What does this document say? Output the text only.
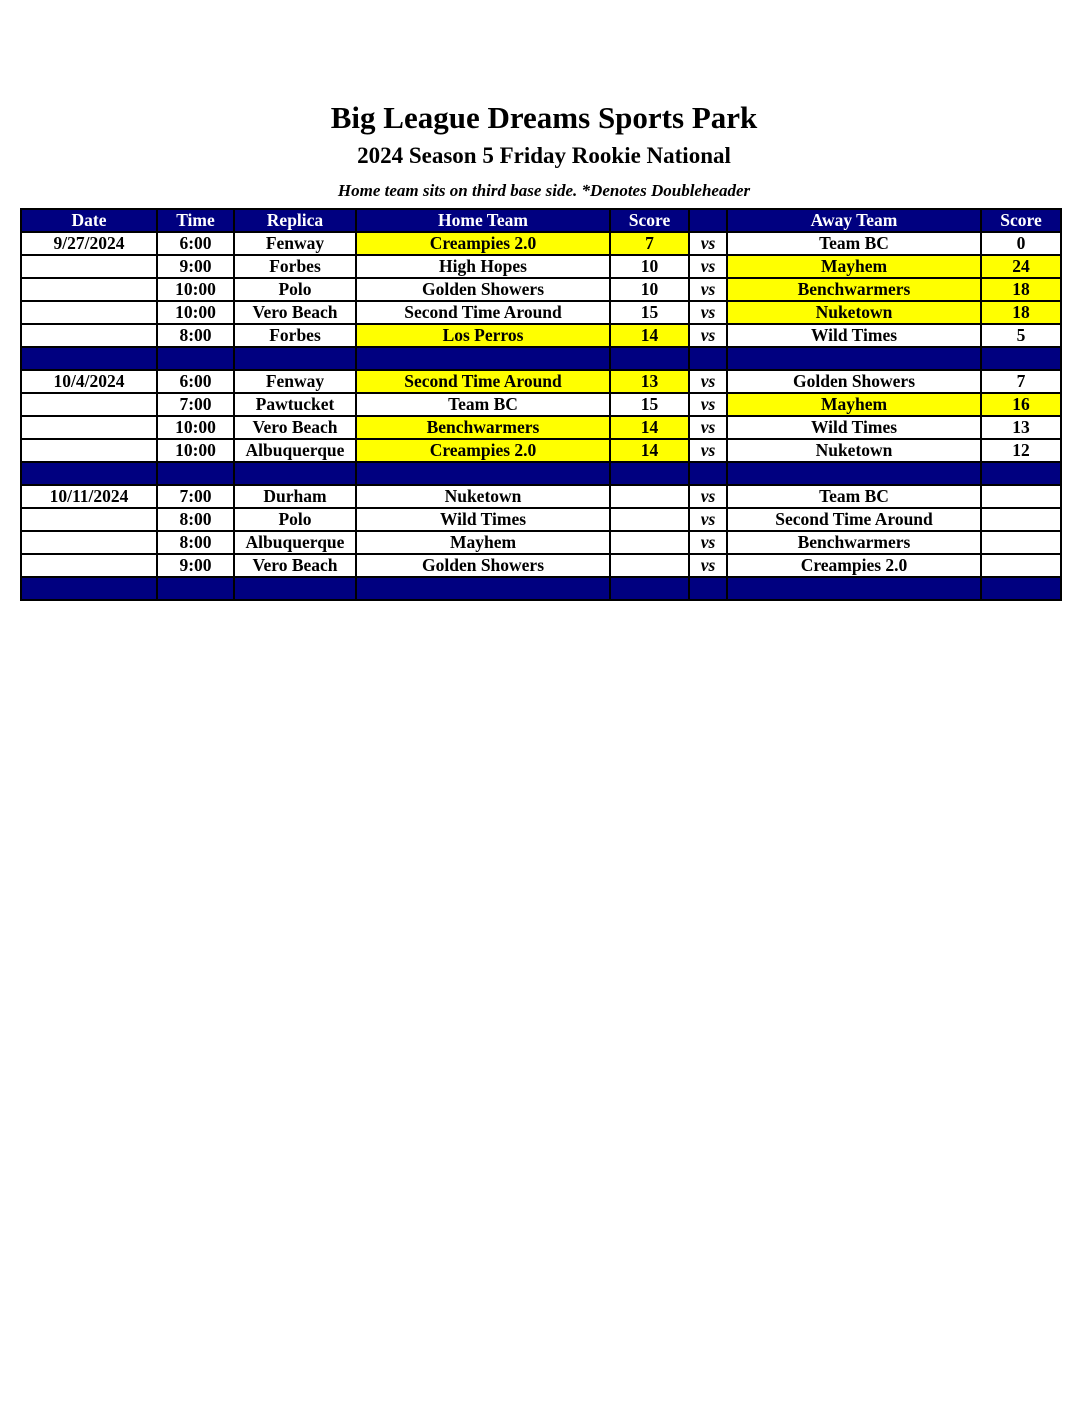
Big League Dreams Sports Park
2024 Season 5 Friday Rookie National
Home team sits on third base side. *Denotes Doubleheader
Date	Time	Replica	Home Team	Score		Away Team	Score
9/27/2024	6:00	Fenway	Creampies 2.0	7	vs	Team BC	0
	9:00	Forbes	High Hopes	10	vs	Mayhem	24
	10:00	Polo	Golden Showers	10	vs	Benchwarmers	18
	10:00	Vero Beach	Second Time Around	15	vs	Nuketown	18
	8:00	Forbes	Los Perros	14	vs	Wild Times	5

10/4/2024	6:00	Fenway	Second Time Around	13	vs	Golden Showers	7
	7:00	Pawtucket	Team BC	15	vs	Mayhem	16
	10:00	Vero Beach	Benchwarmers	14	vs	Wild Times	13
	10:00	Albuquerque	Creampies 2.0	14	vs	Nuketown	12

10/11/2024	7:00	Durham	Nuketown		vs	Team BC	
	8:00	Polo	Wild Times		vs	Second Time Around	
	8:00	Albuquerque	Mayhem		vs	Benchwarmers	
	9:00	Vero Beach	Golden Showers		vs	Creampies 2.0	
